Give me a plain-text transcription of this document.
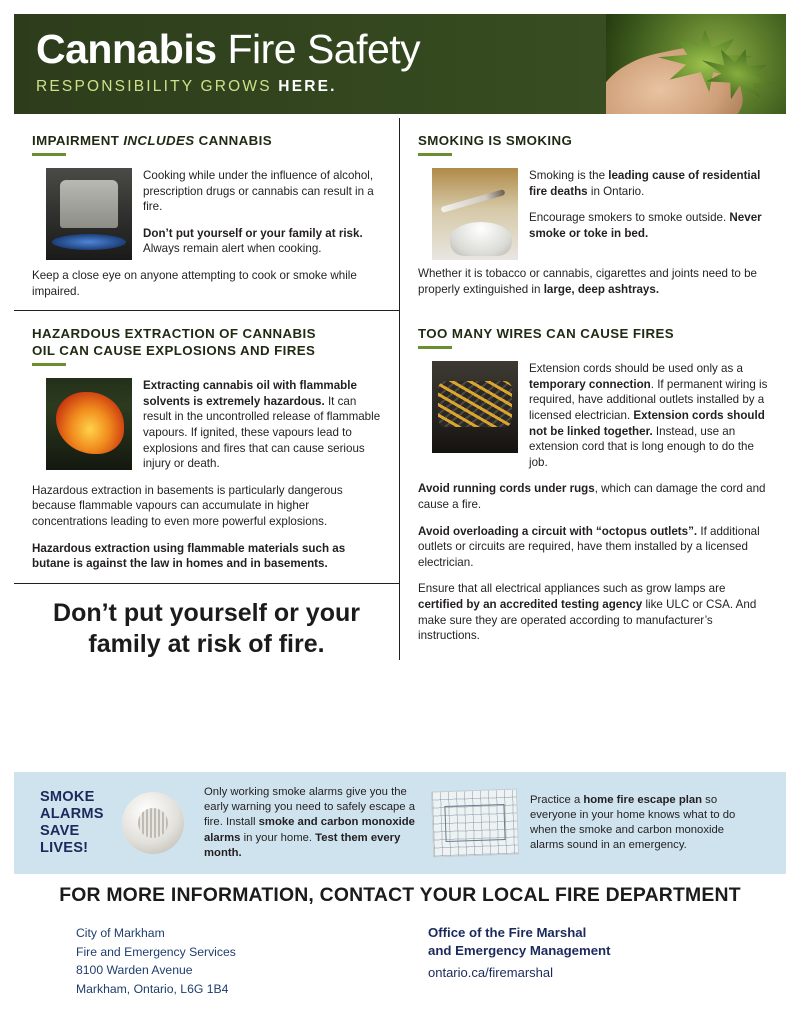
Cannabis Fire Safety
RESPONSIBILITY GROWS HERE.
IMPAIRMENT INCLUDES CANNABIS

Cooking while under the influence of alcohol, prescription drugs or cannabis can result in a fire.

Don’t put yourself or your family at risk. Always remain alert when cooking.

Keep a close eye on anyone attempting to cook or smoke while impaired.

HAZARDOUS EXTRACTION OF CANNABIS
OIL CAN CAUSE EXPLOSIONS AND FIRES

Extracting cannabis oil with flammable solvents is extremely hazardous. It can result in the uncontrolled release of flammable vapours. If ignited, these vapours lead to explosions and fires that can cause serious injury or death.

Hazardous extraction in basements is particularly dangerous because flammable vapours can accumulate in higher concentrations leading to even more powerful explosions.

Hazardous extraction using flammable materials such as butane is against the law in homes and in basements.

Don’t put yourself or your family at risk of fire.
SMOKING IS SMOKING

Smoking is the leading cause of residential fire deaths in Ontario.

Encourage smokers to smoke outside. Never smoke or toke in bed.

Whether it is tobacco or cannabis, cigarettes and joints need to be properly extinguished in large, deep ashtrays.

TOO MANY WIRES CAN CAUSE FIRES

Extension cords should be used only as a temporary connection. If permanent wiring is required, have additional outlets installed by a licensed electrician. Extension cords should not be linked together. Instead, use an extension cord that is long enough to do the job.

Avoid running cords under rugs, which can damage the cord and cause a fire.

Avoid overloading a circuit with “octopus outlets”. If additional outlets or circuits are required, have them installed by a licensed electrician.

Ensure that all electrical appliances such as grow lamps are certified by an accredited testing agency like ULC or CSA. And make sure they are operated according to manufacturer’s instructions.

SMOKE ALARMS SAVE LIVES!

Only working smoke alarms give you the early warning you need to safely escape a fire. Install smoke and carbon monoxide alarms in your home. Test them every month.

Practice a home fire escape plan so everyone in your home knows what to do when the smoke and carbon monoxide alarms sound in an emergency.

FOR MORE INFORMATION, CONTACT YOUR LOCAL FIRE DEPARTMENT
City of Markham
Fire and Emergency Services
8100 Warden Avenue
Markham, Ontario, L6G 1B4
Office of the Fire Marshal
and Emergency Management
ontario.ca/firemarshal
